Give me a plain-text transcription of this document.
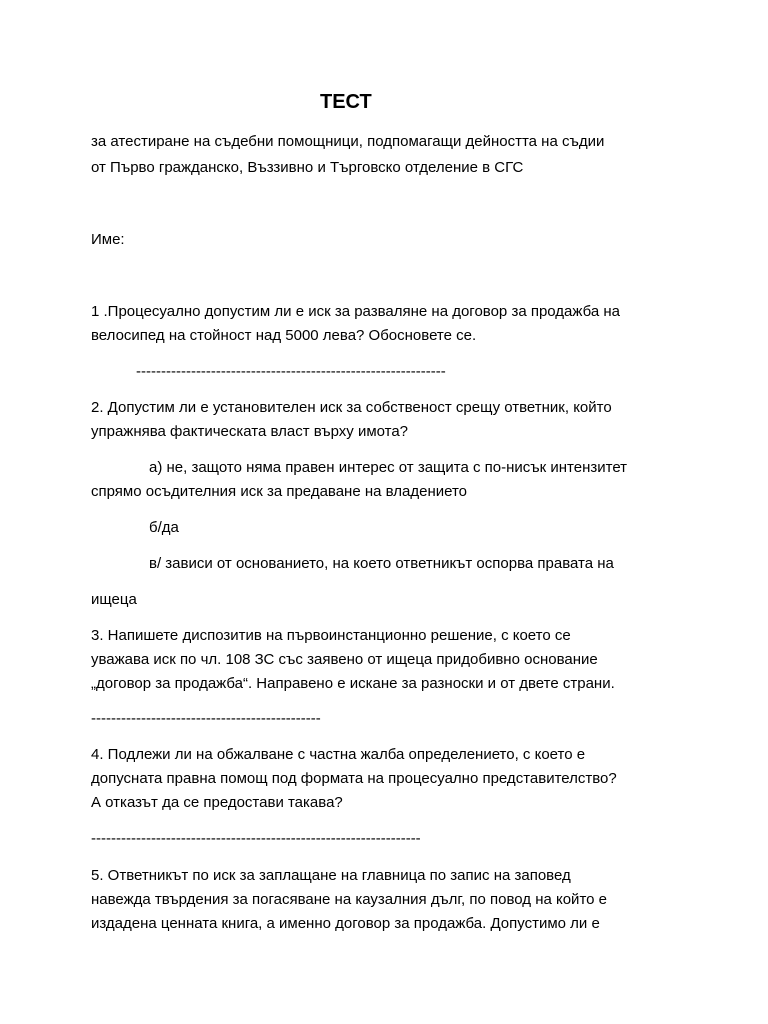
ТЕСТ
за атестиране на съдебни помощници, подпомагащи дейността на съдии
от Първо гражданско, Въззивно и Търговско отделение в СГС
Име:
1 .Процесуално допустим ли е иск за разваляне на договор за продажба на
велосипед на стойност над 5000 лева? Обосновете се.
--------------------------------------------------------------
2. Допустим ли е установителен иск за собственост срещу ответник, който
упражнява фактическата власт върху имота?
а) не, защото няма правен интерес от защита с по-нисък интензитет
спрямо осъдителния иск за предаване на владението
б/да
в/ зависи от основанието, на което ответникът оспорва правата на
ищеца
3. Напишете диспозитив на първоинстанционно решение, с което се
уважава иск по чл. 108 ЗС със заявено от ищеца придобивно основание
„договор за продажба“. Направено е искане за разноски и от двете страни.
----------------------------------------------
4. Подлежи ли на обжалване с частна жалба определението, с което е
допусната правна помощ под формата на процесуално представителство?
А отказът да се предостави такава?
------------------------------------------------------------------
5. Ответникът по иск за заплащане на главница по запис на заповед
навежда твърдения за погасяване на каузалния дълг, по повод на който е
издадена ценната книга, а именно договор за продажба. Допустимо ли е
